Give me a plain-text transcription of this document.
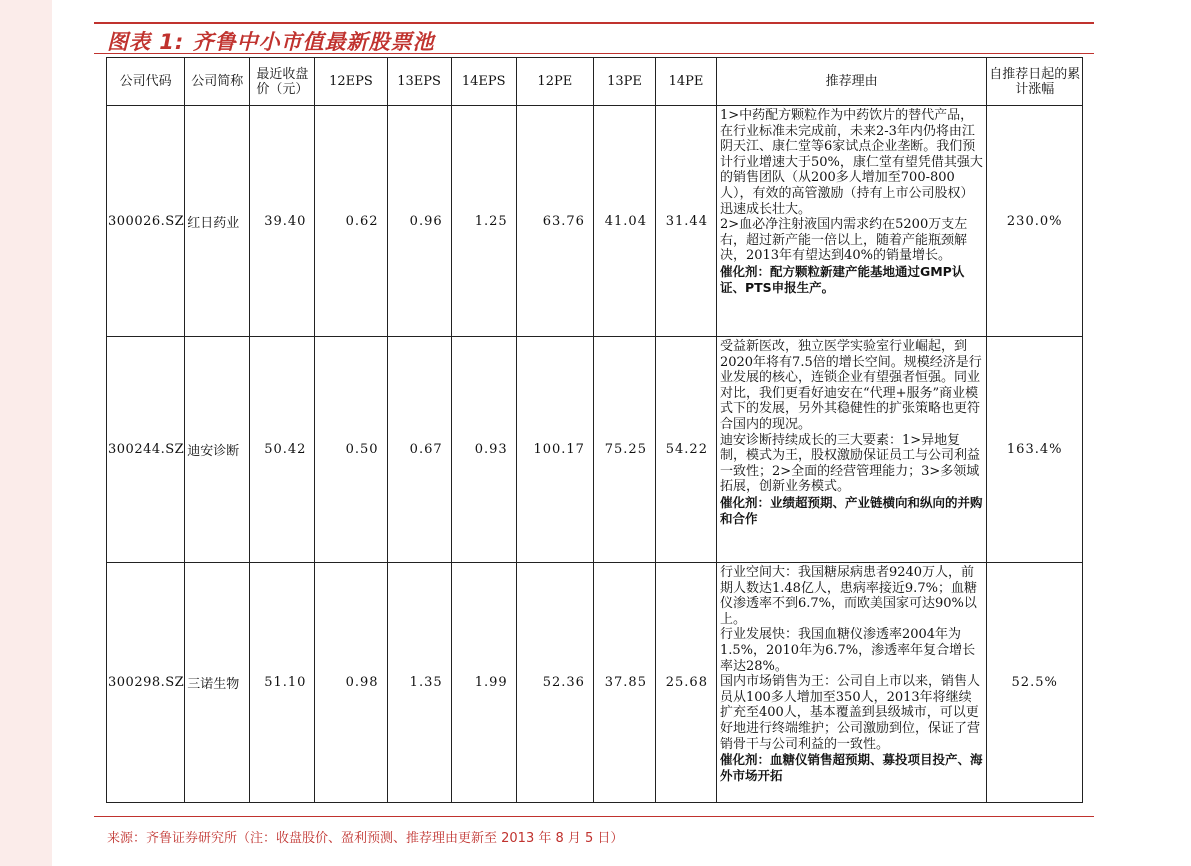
图表 1: 齐鲁中小市值最新股票池
公司代码	公司简称	最近收盘价（元）	12EPS	13EPS	14EPS	12PE	13PE	14PE	推荐理由	自推荐日起的累计涨幅
300026.SZ	红日药业	39.40	0.62	0.96	1.25	63.76	41.04	31.44	1>中药配方颗粒作为中药饮片的替代产品，在行业标准未完成前，未来2-3年内仍将由江阴天江、康仁堂等6家试点企业垄断。我们预计行业增速大于50%，康仁堂有望凭借其强大的销售团队（从200多人增加至700-800人），有效的高管激励（持有上市公司股权）迅速成长壮大。
2>血必净注射液国内需求约在5200万支左右，超过新产能一倍以上，随着产能瓶颈解决，2013年有望达到40%的销量增长。
催化剂：配方颗粒新建产能基地通过GMP认证、PTS申报生产。	230.0%
300244.SZ	迪安诊断	50.42	0.50	0.67	0.93	100.17	75.25	54.22	受益新医改，独立医学实验室行业崛起，到2020年将有7.5倍的增长空间。规模经济是行业发展的核心，连锁企业有望强者恒强。同业对比，我们更看好迪安在“代理+服务”商业模式下的发展，另外其稳健性的扩张策略也更符合国内的现况。
迪安诊断持续成长的三大要素：1>异地复制，模式为王，股权激励保证员工与公司利益一致性；2>全面的经营管理能力；3>多领域拓展，创新业务模式。
催化剂：业绩超预期、产业链横向和纵向的并购和合作	163.4%
300298.SZ	三诺生物	51.10	0.98	1.35	1.99	52.36	37.85	25.68	行业空间大：我国糖尿病患者9240万人，前期人数达1.48亿人，患病率接近9.7%；血糖仪渗透率不到6.7%，而欧美国家可达90%以上。
行业发展快：我国血糖仪渗透率2004年为1.5%，2010年为6.7%，渗透率年复合增长率达28%。
国内市场销售为王：公司自上市以来，销售人员从100多人增加至350人，2013年将继续扩充至400人，基本覆盖到县级城市，可以更好地进行终端维护；公司激励到位，保证了营销骨干与公司利益的一致性。
催化剂：血糖仪销售超预期、募投项目投产、海外市场开拓	52.5%
来源：齐鲁证券研究所（注：收盘股价、盈利预测、推荐理由更新至 2013 年 8 月 5 日）
